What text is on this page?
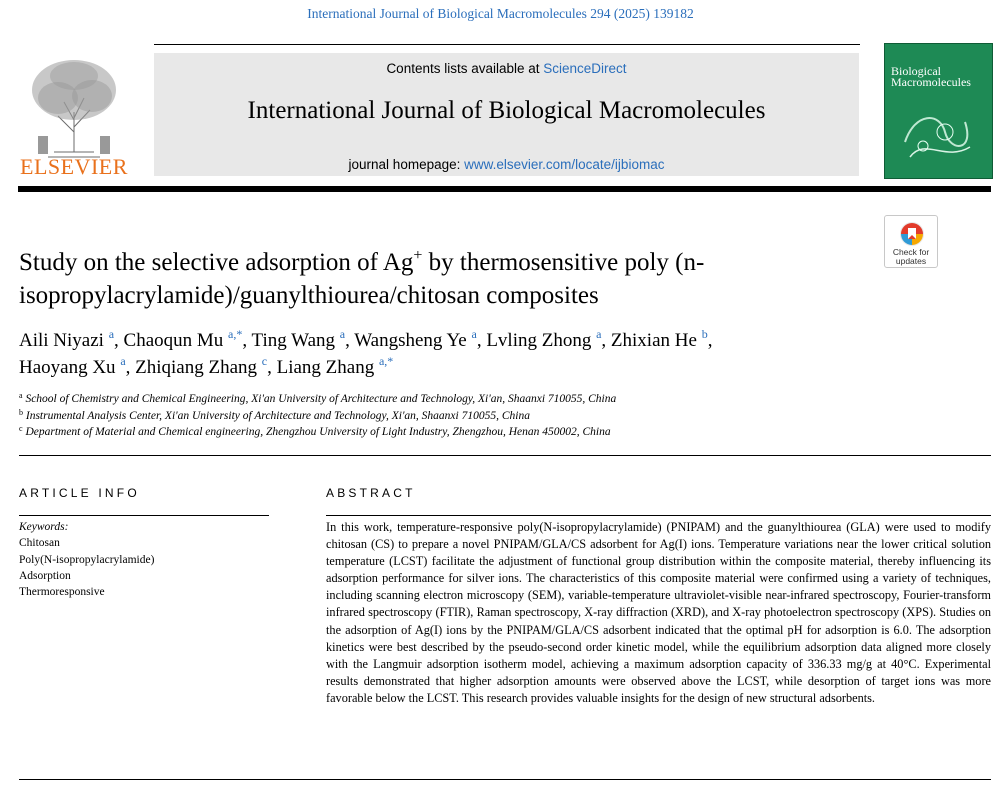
International Journal of Biological Macromolecules 294 (2025) 139182
ELSEVIER
Contents lists available at ScienceDirect
International Journal of Biological Macromolecules
journal homepage: www.elsevier.com/locate/ijbiomac
Biological
Macromolecules
Check for
updates
Study on the selective adsorption of Ag+ by thermosensitive poly (n-isopropylacrylamide)/guanylthiourea/chitosan composites
Aili Niyazi $^a$, Chaoqun Mu $^{a,*}$, Ting Wang $^a$, Wangsheng Ye $^a$, Lvling Zhong $^a$, Zhixian He $^b$,
Haoyang Xu $^a$, Zhiqiang Zhang $^c$, Liang Zhang $^{a,*}$
$^a$ School of Chemistry and Chemical Engineering, Xi'an University of Architecture and Technology, Xi'an, Shaanxi 710055, China
$^b$ Instrumental Analysis Center, Xi'an University of Architecture and Technology, Xi'an, Shaanxi 710055, China
$^c$ Department of Material and Chemical engineering, Zhengzhou University of Light Industry, Zhengzhou, Henan 450002, China
ARTICLE INFO	ABSTRACT
Keywords:
Chitosan
Poly(N-isopropylacrylamide)
Adsorption
Thermoresponsive
In this work, temperature-responsive poly(N-isopropylacrylamide) (PNIPAM) and the guanylthiourea (GLA) were used to modify chitosan (CS) to prepare a novel PNIPAM/GLA/CS adsorbent for Ag(I) ions. Temperature variations near the lower critical solution temperature (LCST) facilitate the adjustment of functional group distribution within the composite material, thereby influencing its adsorption performance for silver ions. The characteristics of this composite material were confirmed using a variety of techniques, including scanning electron microscopy (SEM), variable-temperature ultraviolet-visible near-infrared spectroscopy, Fourier-transform infrared spectroscopy (FTIR), Raman spectroscopy, X-ray diffraction (XRD), and X-ray photoelectron spectroscopy (XPS). Studies on the adsorption of Ag(I) ions by the PNIPAM/GLA/CS adsorbent indicated that the optimal pH for adsorption is 6.0. The adsorption kinetics were best described by the pseudo-second order kinetic model, while the equilibrium adsorption data aligned more closely with the Langmuir adsorption isotherm model, achieving a maximum adsorption capacity of 336.33 mg/g at 40°C. Experimental results demonstrated that higher adsorption amounts were observed above the LCST, while desorption of target ions was more favorable below the LCST. This research provides valuable insights for the design of new structural adsorbents.
